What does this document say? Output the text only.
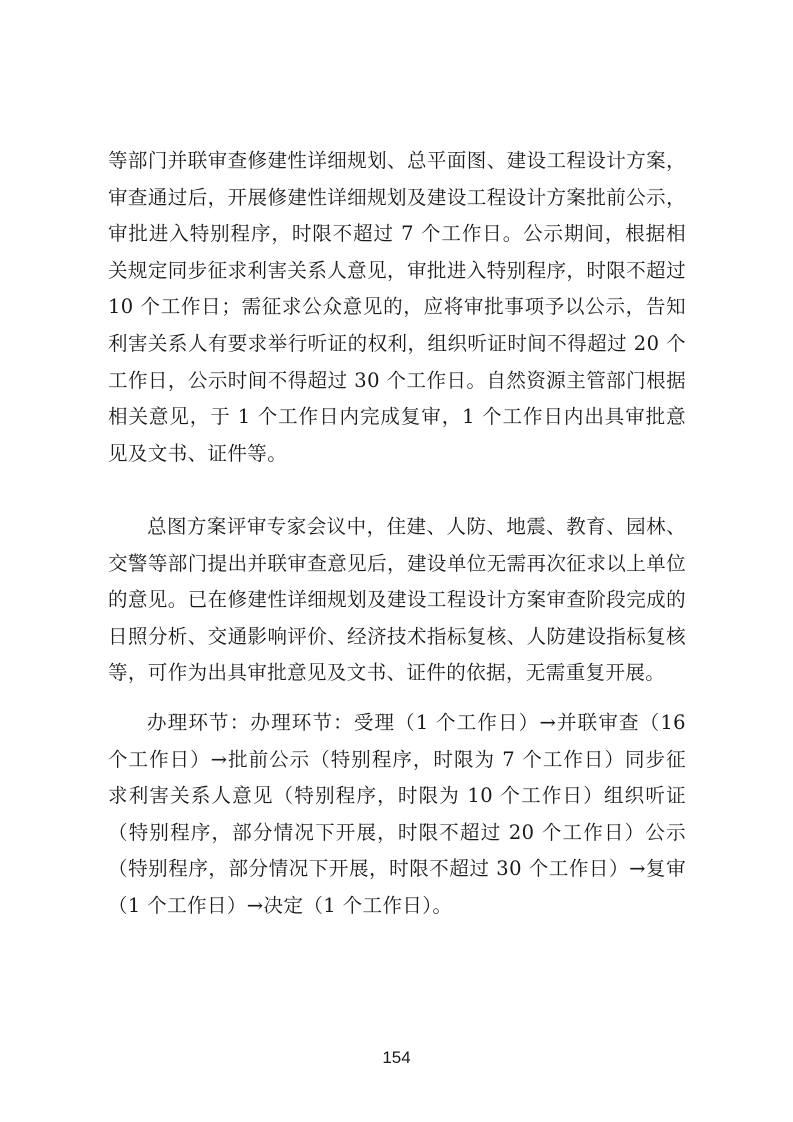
等部门并联审查修建性详细规划、总平面图、建设工程设计方案，审查通过后，开展修建性详细规划及建设工程设计方案批前公示，审批进入特别程序，时限不超过 7 个工作日。公示期间，根据相关规定同步征求利害关系人意见，审批进入特别程序，时限不超过 10 个工作日；需征求公众意见的，应将审批事项予以公示，告知利害关系人有要求举行听证的权利，组织听证时间不得超过 20 个工作日，公示时间不得超过 30 个工作日。自然资源主管部门根据相关意见，于 1 个工作日内完成复审，1 个工作日内出具审批意见及文书、证件等。

总图方案评审专家会议中，住建、人防、地震、教育、园林、交警等部门提出并联审查意见后，建设单位无需再次征求以上单位的意见。已在修建性详细规划及建设工程设计方案审查阶段完成的日照分析、交通影响评价、经济技术指标复核、人防建设指标复核等，可作为出具审批意见及文书、证件的依据，无需重复开展。

办理环节：办理环节：受理（1 个工作日）→并联审查（16 个工作日）→批前公示（特别程序，时限为 7 个工作日）同步征求利害关系人意见（特别程序，时限为 10 个工作日）组织听证（特别程序，部分情况下开展，时限不超过 20 个工作日）公示（特别程序，部分情况下开展，时限不超过 30 个工作日）→复审（1 个工作日）→决定（1 个工作日）。

154
